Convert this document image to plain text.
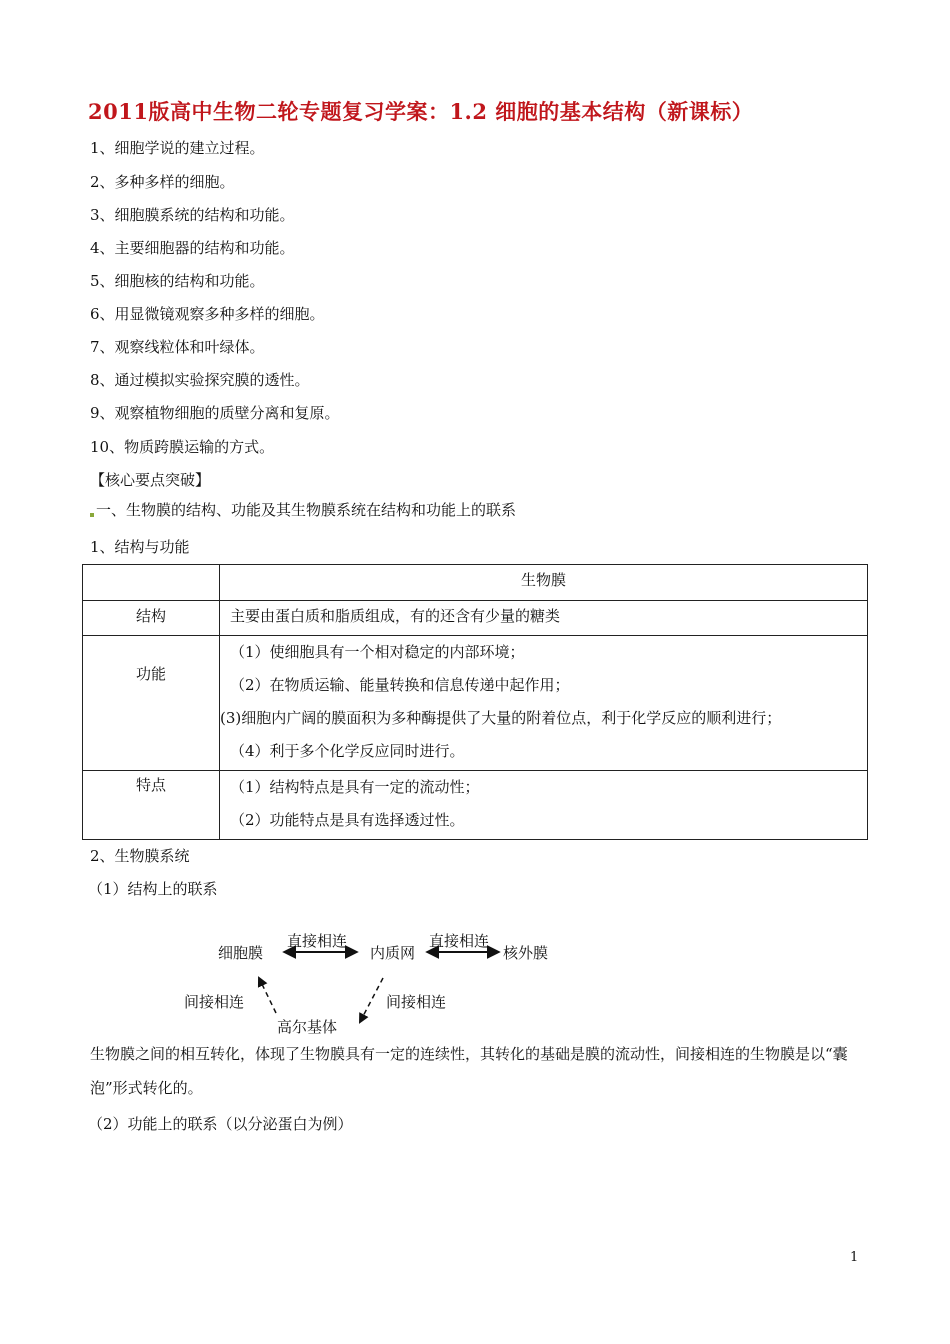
2011版高中生物二轮专题复习学案：1.2 细胞的基本结构（新课标）
1、细胞学说的建立过程。
2、多种多样的细胞。
3、细胞膜系统的结构和功能。
4、主要细胞器的结构和功能。
5、细胞核的结构和功能。
6、用显微镜观察多种多样的细胞。
7、观察线粒体和叶绿体。
8、通过模拟实验探究膜的透性。
9、观察植物细胞的质壁分离和复原。
10、物质跨膜运输的方式。
【核心要点突破】
一、生物膜的结构、功能及其生物膜系统在结构和功能上的联系
1、结构与功能
	生物膜
结构	主要由蛋白质和脂质组成，有的还含有少量的糖类
功能	（1）使细胞具有一个相对稳定的内部环境；
（2）在物质运输、能量转换和信息传递中起作用；
(3)细胞内广阔的膜面积为多种酶提供了大量的附着位点，利于化学反应的顺利进行；
（4）利于多个化学反应同时进行。

特点	（1）结构特点是具有一定的流动性；
（2）功能特点是具有选择透过性。
2、生物膜系统
（1）结构上的联系
细胞膜
直接相连
内质网
直接相连
核外膜
间接相连	间接相连
高尔基体
生物膜之间的相互转化，体现了生物膜具有一定的连续性，其转化的基础是膜的流动性，间接相连的生物膜是以“囊泡”形式转化的。
（2）功能上的联系（以分泌蛋白为例）
1
